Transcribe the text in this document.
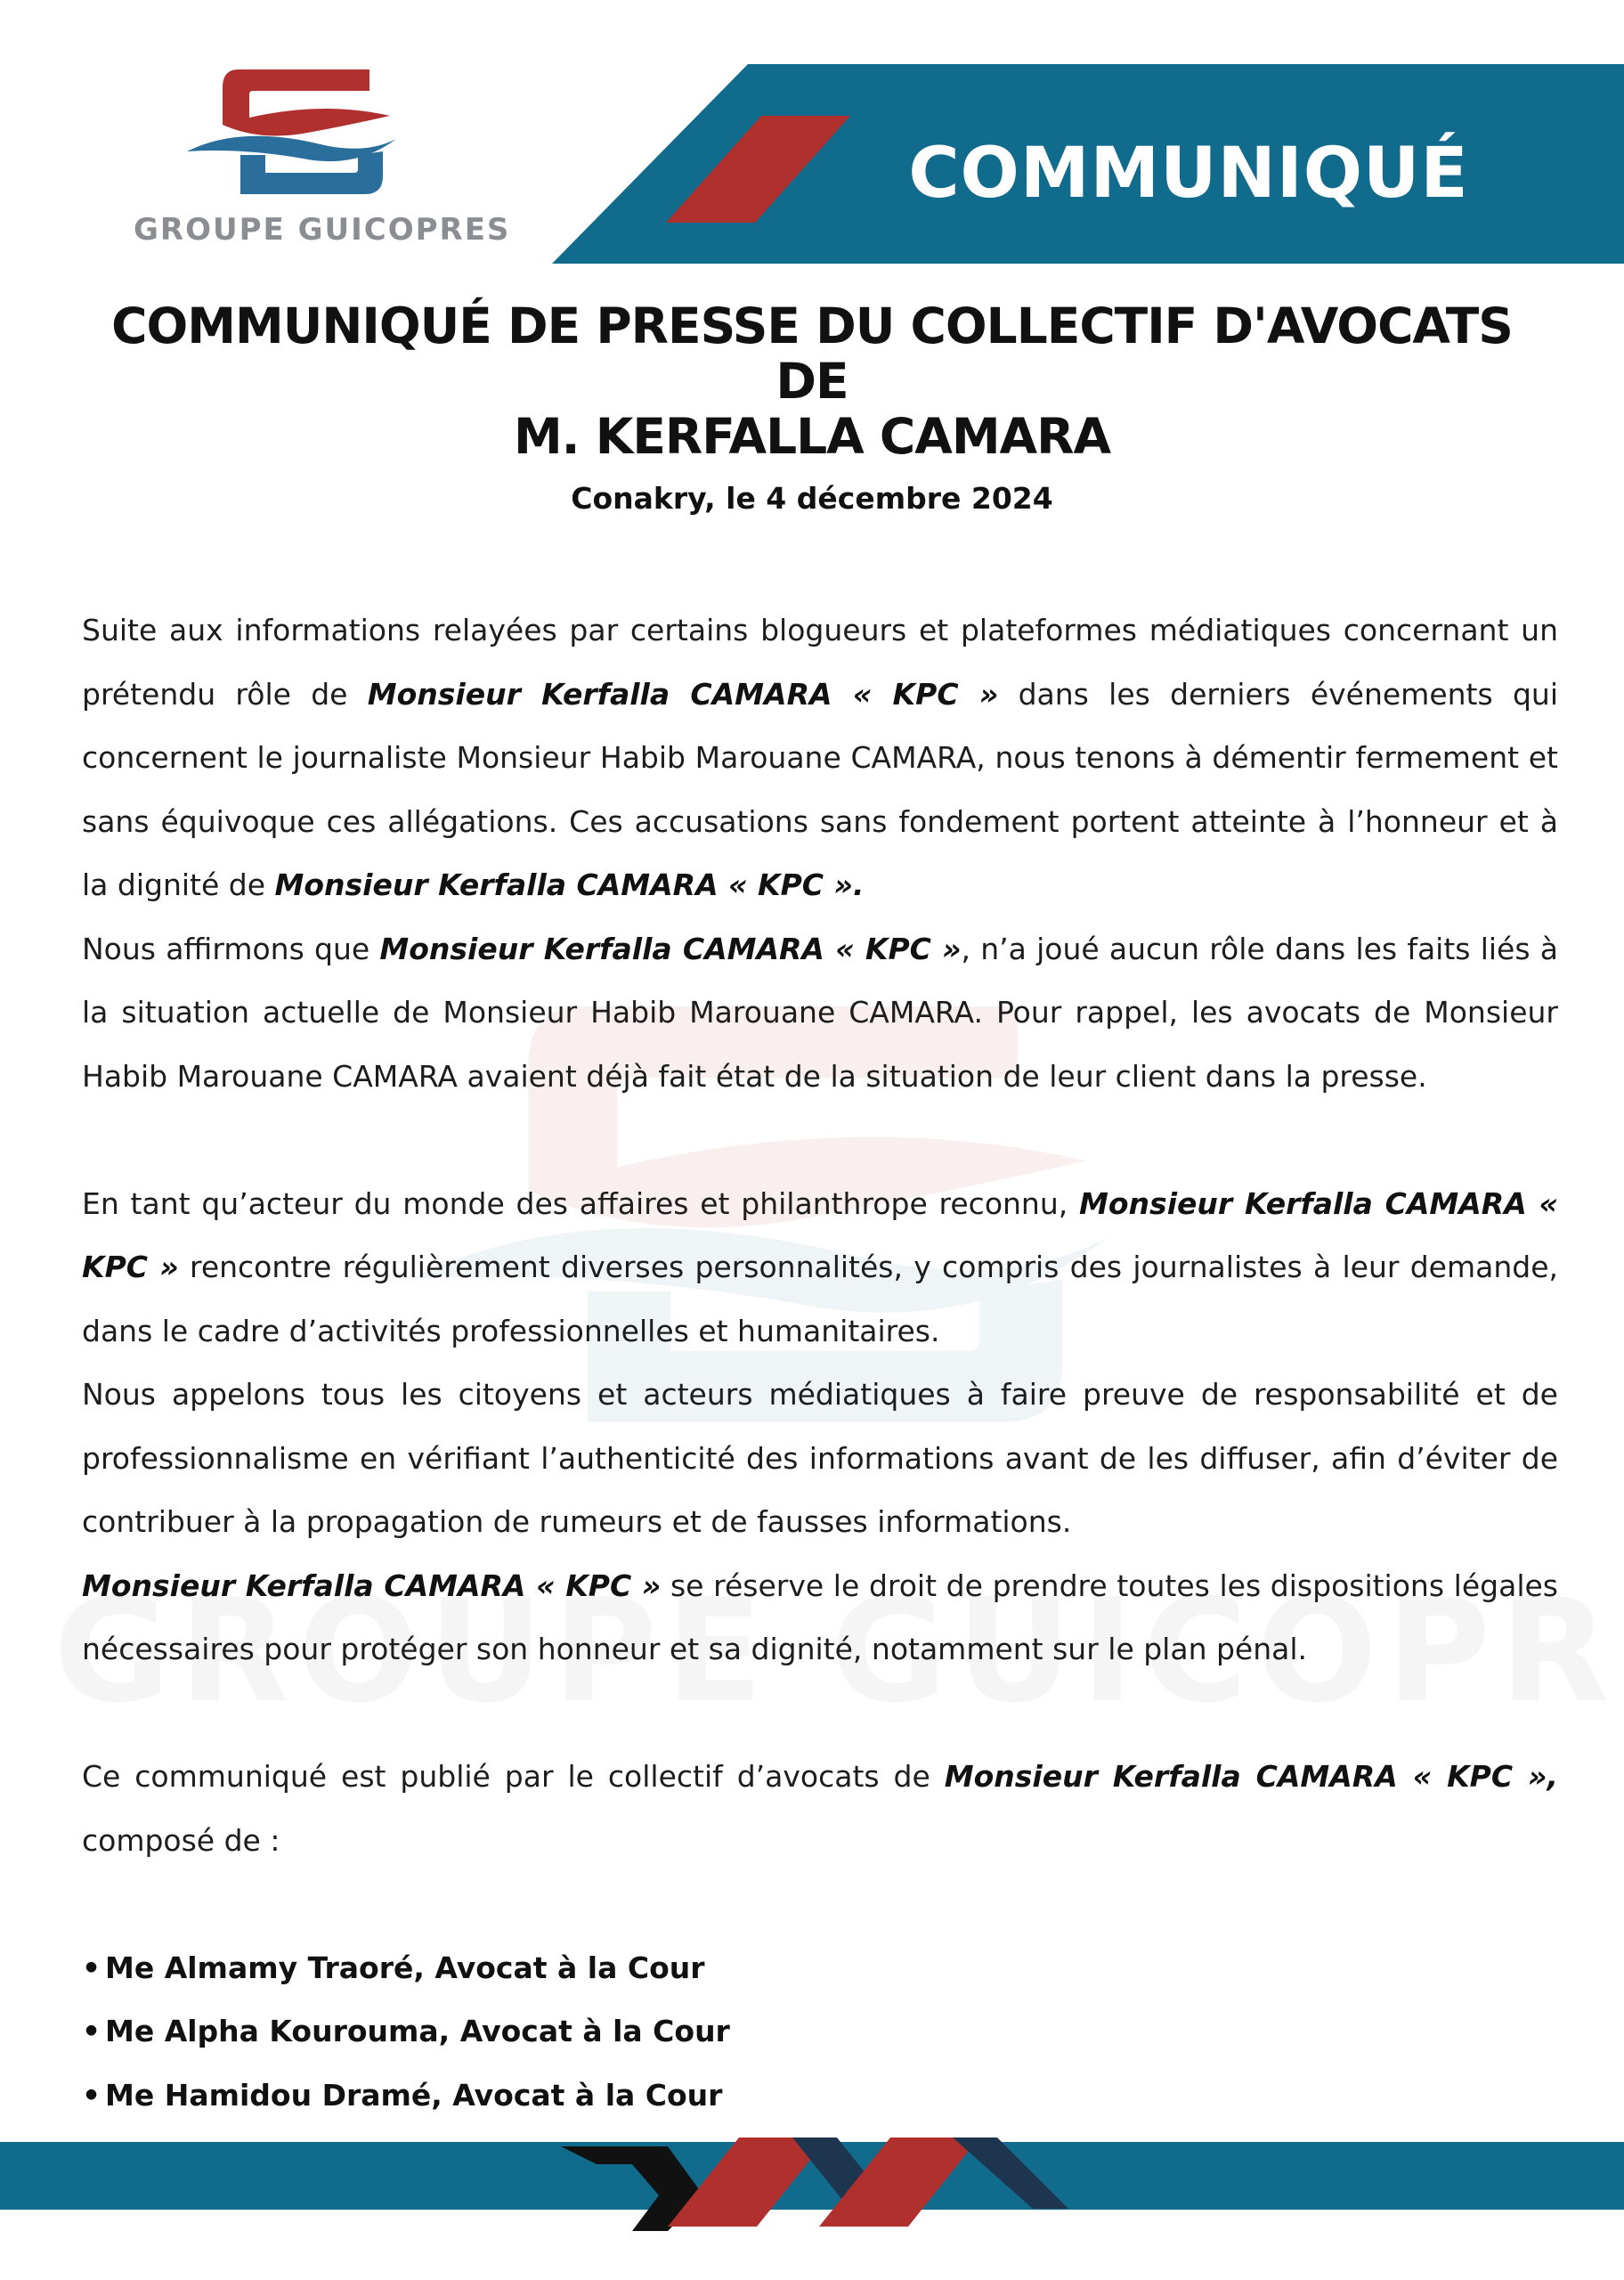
GROUPE GUICOPRES
COMMUNIQUÉ
COMMUNIQUÉ DE PRESSE DU COLLECTIF D'AVOCATS DE
M. KERFALLA CAMARA
Conakry, le 4 décembre 2024

Suite aux informations relayées par certains blogueurs et plateformes médiatiques concernant un prétendu rôle de Monsieur Kerfalla CAMARA « KPC » dans les derniers événements qui concernent le journaliste Monsieur Habib Marouane CAMARA, nous tenons à démentir fermement et sans équivoque ces allégations. Ces accusations sans fondement portent atteinte à l’honneur et à la dignité de Monsieur Kerfalla CAMARA « KPC ».

Nous affirmons que Monsieur Kerfalla CAMARA « KPC », n’a joué aucun rôle dans les faits liés à la situation actuelle de Monsieur Habib Marouane CAMARA. Pour rappel, les avocats de Monsieur Habib Marouane CAMARA avaient déjà fait état de la situation de leur client dans la presse.

En tant qu’acteur du monde des affaires et philanthrope reconnu, Monsieur Kerfalla CAMARA « KPC » rencontre régulièrement diverses personnalités, y compris des journalistes à leur demande, dans le cadre d’activités professionnelles et humanitaires.

Nous appelons tous les citoyens et acteurs médiatiques à faire preuve de responsabilité et de professionnalisme en vérifiant l’authenticité des informations avant de les diffuser, afin d’éviter de contribuer à la propagation de rumeurs et de fausses informations.

Monsieur Kerfalla CAMARA « KPC » se réserve le droit de prendre toutes les dispositions légales nécessaires pour protéger son honneur et sa dignité, notamment sur le plan pénal.

Ce communiqué est publié par le collectif d’avocats de Monsieur Kerfalla CAMARA « KPC », composé de :

• Me Almamy Traoré, Avocat à la Cour
• Me Alpha Kourouma, Avocat à la Cour
• Me Hamidou Dramé, Avocat à la Cour
